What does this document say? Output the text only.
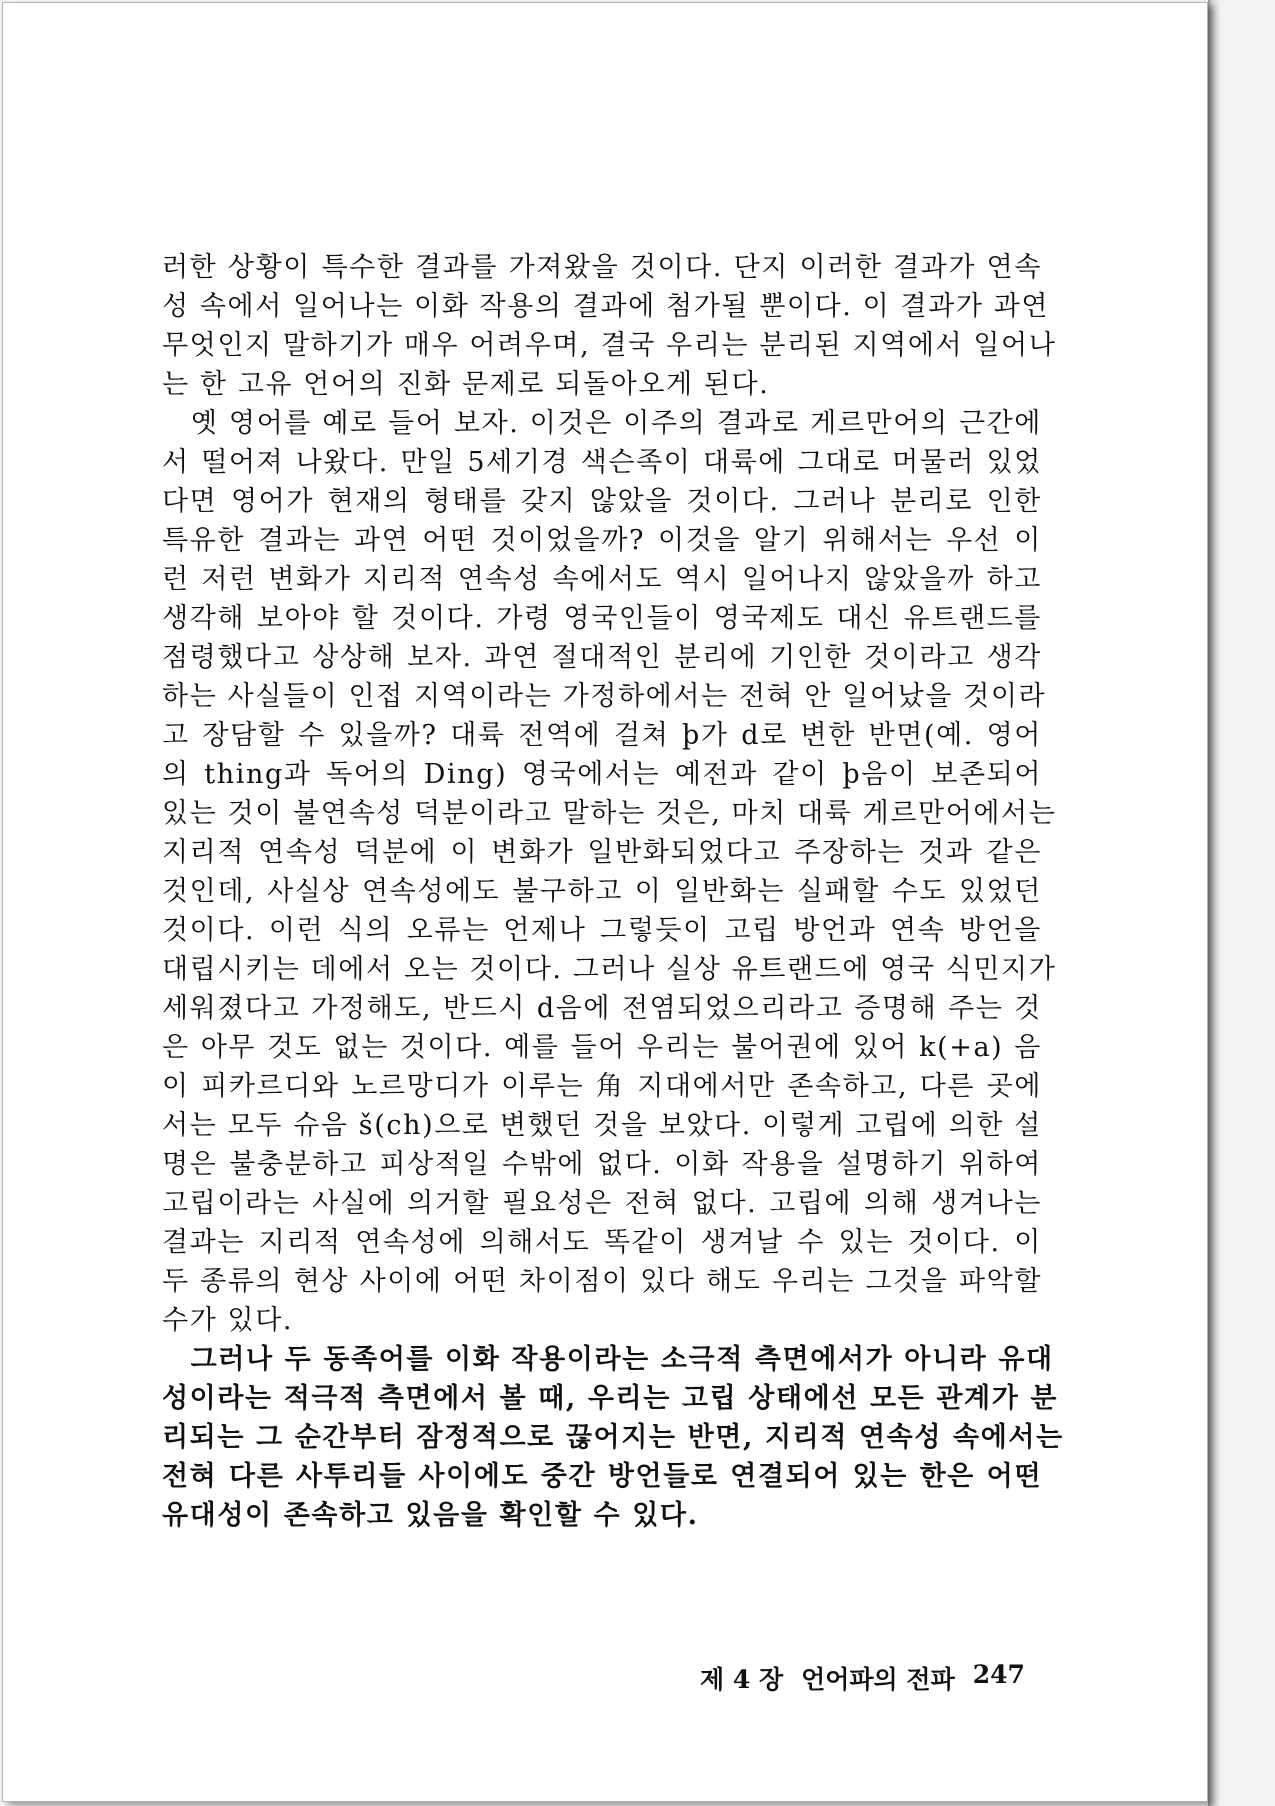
러한 상황이 특수한 결과를 가져왔을 것이다. 단지 이러한 결과가 연속
성 속에서 일어나는 이화 작용의 결과에 첨가될 뿐이다. 이 결과가 과연
무엇인지 말하기가 매우 어려우며, 결국 우리는 분리된 지역에서 일어나
는 한 고유 언어의 진화 문제로 되돌아오게 된다.
　옛 영어를 예로 들어 보자. 이것은 이주의 결과로 게르만어의 근간에
서 떨어져 나왔다. 만일 5세기경 색슨족이 대륙에 그대로 머물러 있었
다면 영어가 현재의 형태를 갖지 않았을 것이다. 그러나 분리로 인한
특유한 결과는 과연 어떤 것이었을까? 이것을 알기 위해서는 우선 이
런 저런 변화가 지리적 연속성 속에서도 역시 일어나지 않았을까 하고
생각해 보아야 할 것이다. 가령 영국인들이 영국제도 대신 유트랜드를
점령했다고 상상해 보자. 과연 절대적인 분리에 기인한 것이라고 생각
하는 사실들이 인접 지역이라는 가정하에서는 전혀 안 일어났을 것이라
고 장담할 수 있을까? 대륙 전역에 걸쳐 þ가 d로 변한 반면(예. 영어
의 thing과 독어의 Ding) 영국에서는 예전과 같이 þ음이 보존되어
있는 것이 불연속성 덕분이라고 말하는 것은, 마치 대륙 게르만어에서는
지리적 연속성 덕분에 이 변화가 일반화되었다고 주장하는 것과 같은
것인데, 사실상 연속성에도 불구하고 이 일반화는 실패할 수도 있었던
것이다. 이런 식의 오류는 언제나 그렇듯이 고립 방언과 연속 방언을
대립시키는 데에서 오는 것이다. 그러나 실상 유트랜드에 영국 식민지가
세워졌다고 가정해도, 반드시 d음에 전염되었으리라고 증명해 주는 것
은 아무 것도 없는 것이다. 예를 들어 우리는 불어권에 있어 k(+a) 음
이 피카르디와 노르망디가 이루는 角 지대에서만 존속하고, 다른 곳에
서는 모두 슈음 š(ch)으로 변했던 것을 보았다. 이렇게 고립에 의한 설
명은 불충분하고 피상적일 수밖에 없다. 이화 작용을 설명하기 위하여
고립이라는 사실에 의거할 필요성은 전혀 없다. 고립에 의해 생겨나는
결과는 지리적 연속성에 의해서도 똑같이 생겨날 수 있는 것이다. 이
두 종류의 현상 사이에 어떤 차이점이 있다 해도 우리는 그것을 파악할
수가 있다.
　그러나 두 동족어를 이화 작용이라는 소극적 측면에서가 아니라 유대
성이라는 적극적 측면에서 볼 때, 우리는 고립 상태에선 모든 관계가 분
리되는 그 순간부터 잠정적으로 끊어지는 반면, 지리적 연속성 속에서는
전혀 다른 사투리들 사이에도 중간 방언들로 연결되어 있는 한은 어떤
유대성이 존속하고 있음을 확인할 수 있다.
제 4 장 언어파의 전파 247
